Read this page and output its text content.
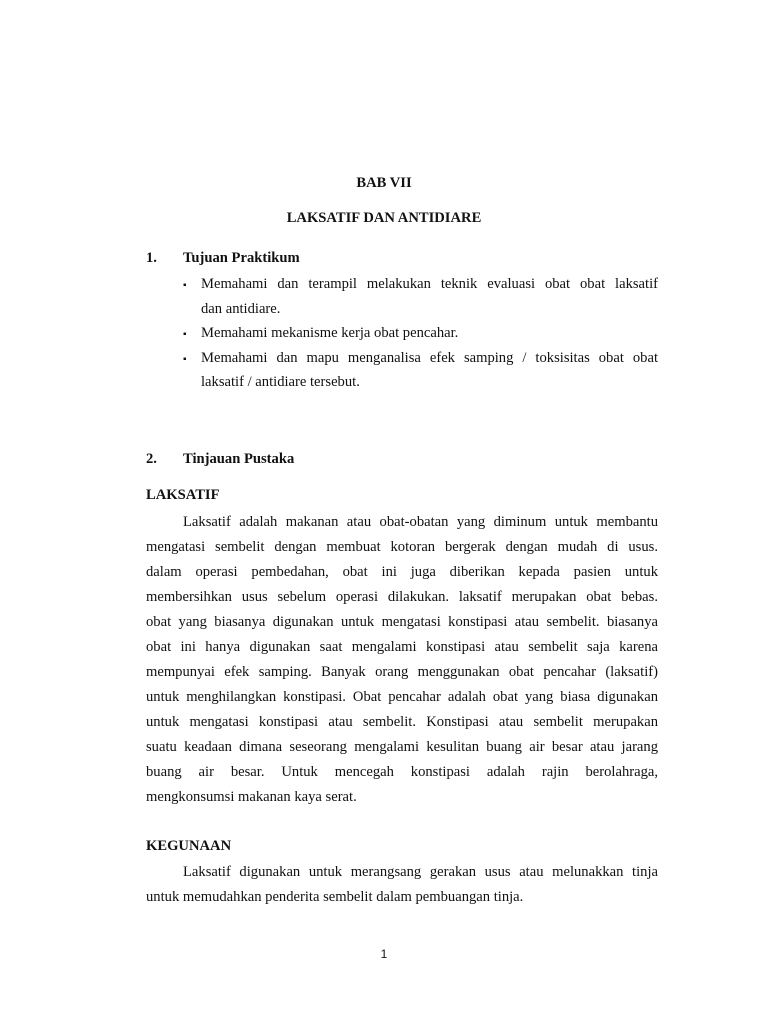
BAB VII
LAKSATIF DAN ANTIDIARE
1. Tujuan Praktikum
▪ Memahami dan terampil melakukan teknik evaluasi obat obat laksatif
dan antidiare.
▪ Memahami mekanisme kerja obat pencahar.
▪ Memahami dan mapu menganalisa efek samping / toksisitas obat obat
laksatif / antidiare tersebut.
2. Tinjauan Pustaka
LAKSATIF
Laksatif adalah makanan atau obat-obatan yang diminum untuk membantu
mengatasi sembelit dengan membuat kotoran bergerak dengan mudah di usus.
dalam operasi pembedahan, obat ini juga diberikan kepada pasien untuk
membersihkan usus sebelum operasi dilakukan. laksatif merupakan obat bebas.
obat yang biasanya digunakan untuk mengatasi konstipasi atau sembelit. biasanya
obat ini hanya digunakan saat mengalami konstipasi atau sembelit saja karena
mempunyai efek samping. Banyak orang menggunakan obat pencahar (laksatif)
untuk menghilangkan konstipasi. Obat pencahar adalah obat yang biasa digunakan
untuk mengatasi konstipasi atau sembelit. Konstipasi atau sembelit merupakan
suatu keadaan dimana seseorang mengalami kesulitan buang air besar atau jarang
buang air besar. Untuk mencegah konstipasi adalah rajin berolahraga,
mengkonsumsi makanan kaya serat.
KEGUNAAN
Laksatif digunakan untuk merangsang gerakan usus atau melunakkan tinja
untuk memudahkan penderita sembelit dalam pembuangan tinja.
1
